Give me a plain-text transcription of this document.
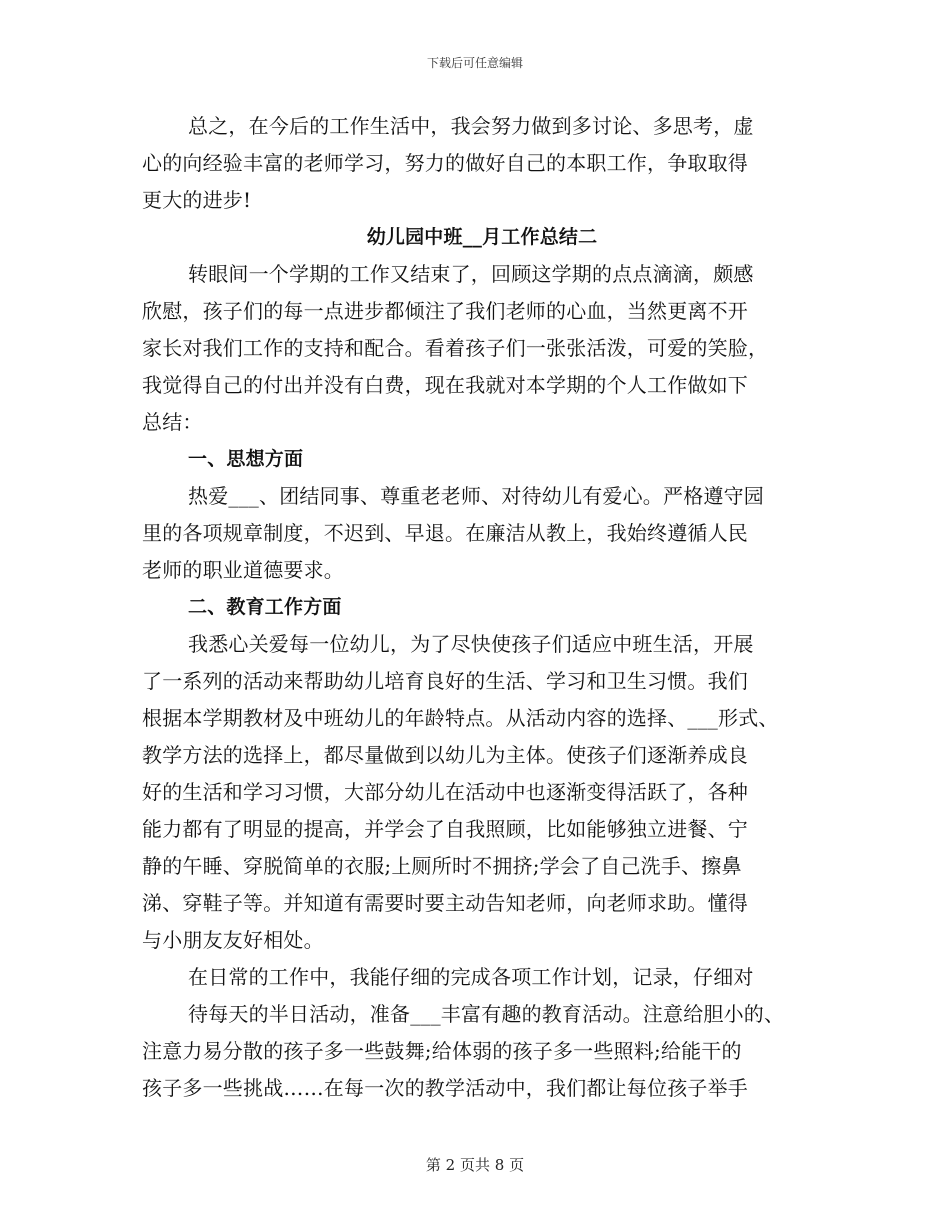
下载后可任意编辑
总之，在今后的工作生活中，我会努力做到多讨论、多思考，虚
心的向经验丰富的老师学习，努力的做好自己的本职工作，争取取得
更大的进步!
幼儿园中班__月工作总结二
转眼间一个学期的工作又结束了，回顾这学期的点点滴滴，颇感
欣慰，孩子们的每一点进步都倾注了我们老师的心血，当然更离不开
家长对我们工作的支持和配合。看着孩子们一张张活泼，可爱的笑脸，
我觉得自己的付出并没有白费，现在我就对本学期的个人工作做如下
总结：
一、思想方面
热爱___、团结同事、尊重老老师、对待幼儿有爱心。严格遵守园
里的各项规章制度，不迟到、早退。在廉洁从教上，我始终遵循人民
老师的职业道德要求。
二、教育工作方面
我悉心关爱每一位幼儿，为了尽快使孩子们适应中班生活，开展
了一系列的活动来帮助幼儿培育良好的生活、学习和卫生习惯。我们
根据本学期教材及中班幼儿的年龄特点。从活动内容的选择、___形式、
教学方法的选择上，都尽量做到以幼儿为主体。使孩子们逐渐养成良
好的生活和学习习惯，大部分幼儿在活动中也逐渐变得活跃了，各种
能力都有了明显的提高，并学会了自我照顾，比如能够独立进餐、宁
静的午睡、穿脱简单的衣服;上厕所时不拥挤;学会了自己洗手、擦鼻
涕、穿鞋子等。并知道有需要时要主动告知老师，向老师求助。懂得
与小朋友友好相处。
在日常的工作中，我能仔细的完成各项工作计划，记录，仔细对
待每天的半日活动，准备___丰富有趣的教育活动。注意给胆小的、
注意力易分散的孩子多一些鼓舞;给体弱的孩子多一些照料;给能干的
孩子多一些挑战……在每一次的教学活动中，我们都让每位孩子举手
第 2 页共 8 页
